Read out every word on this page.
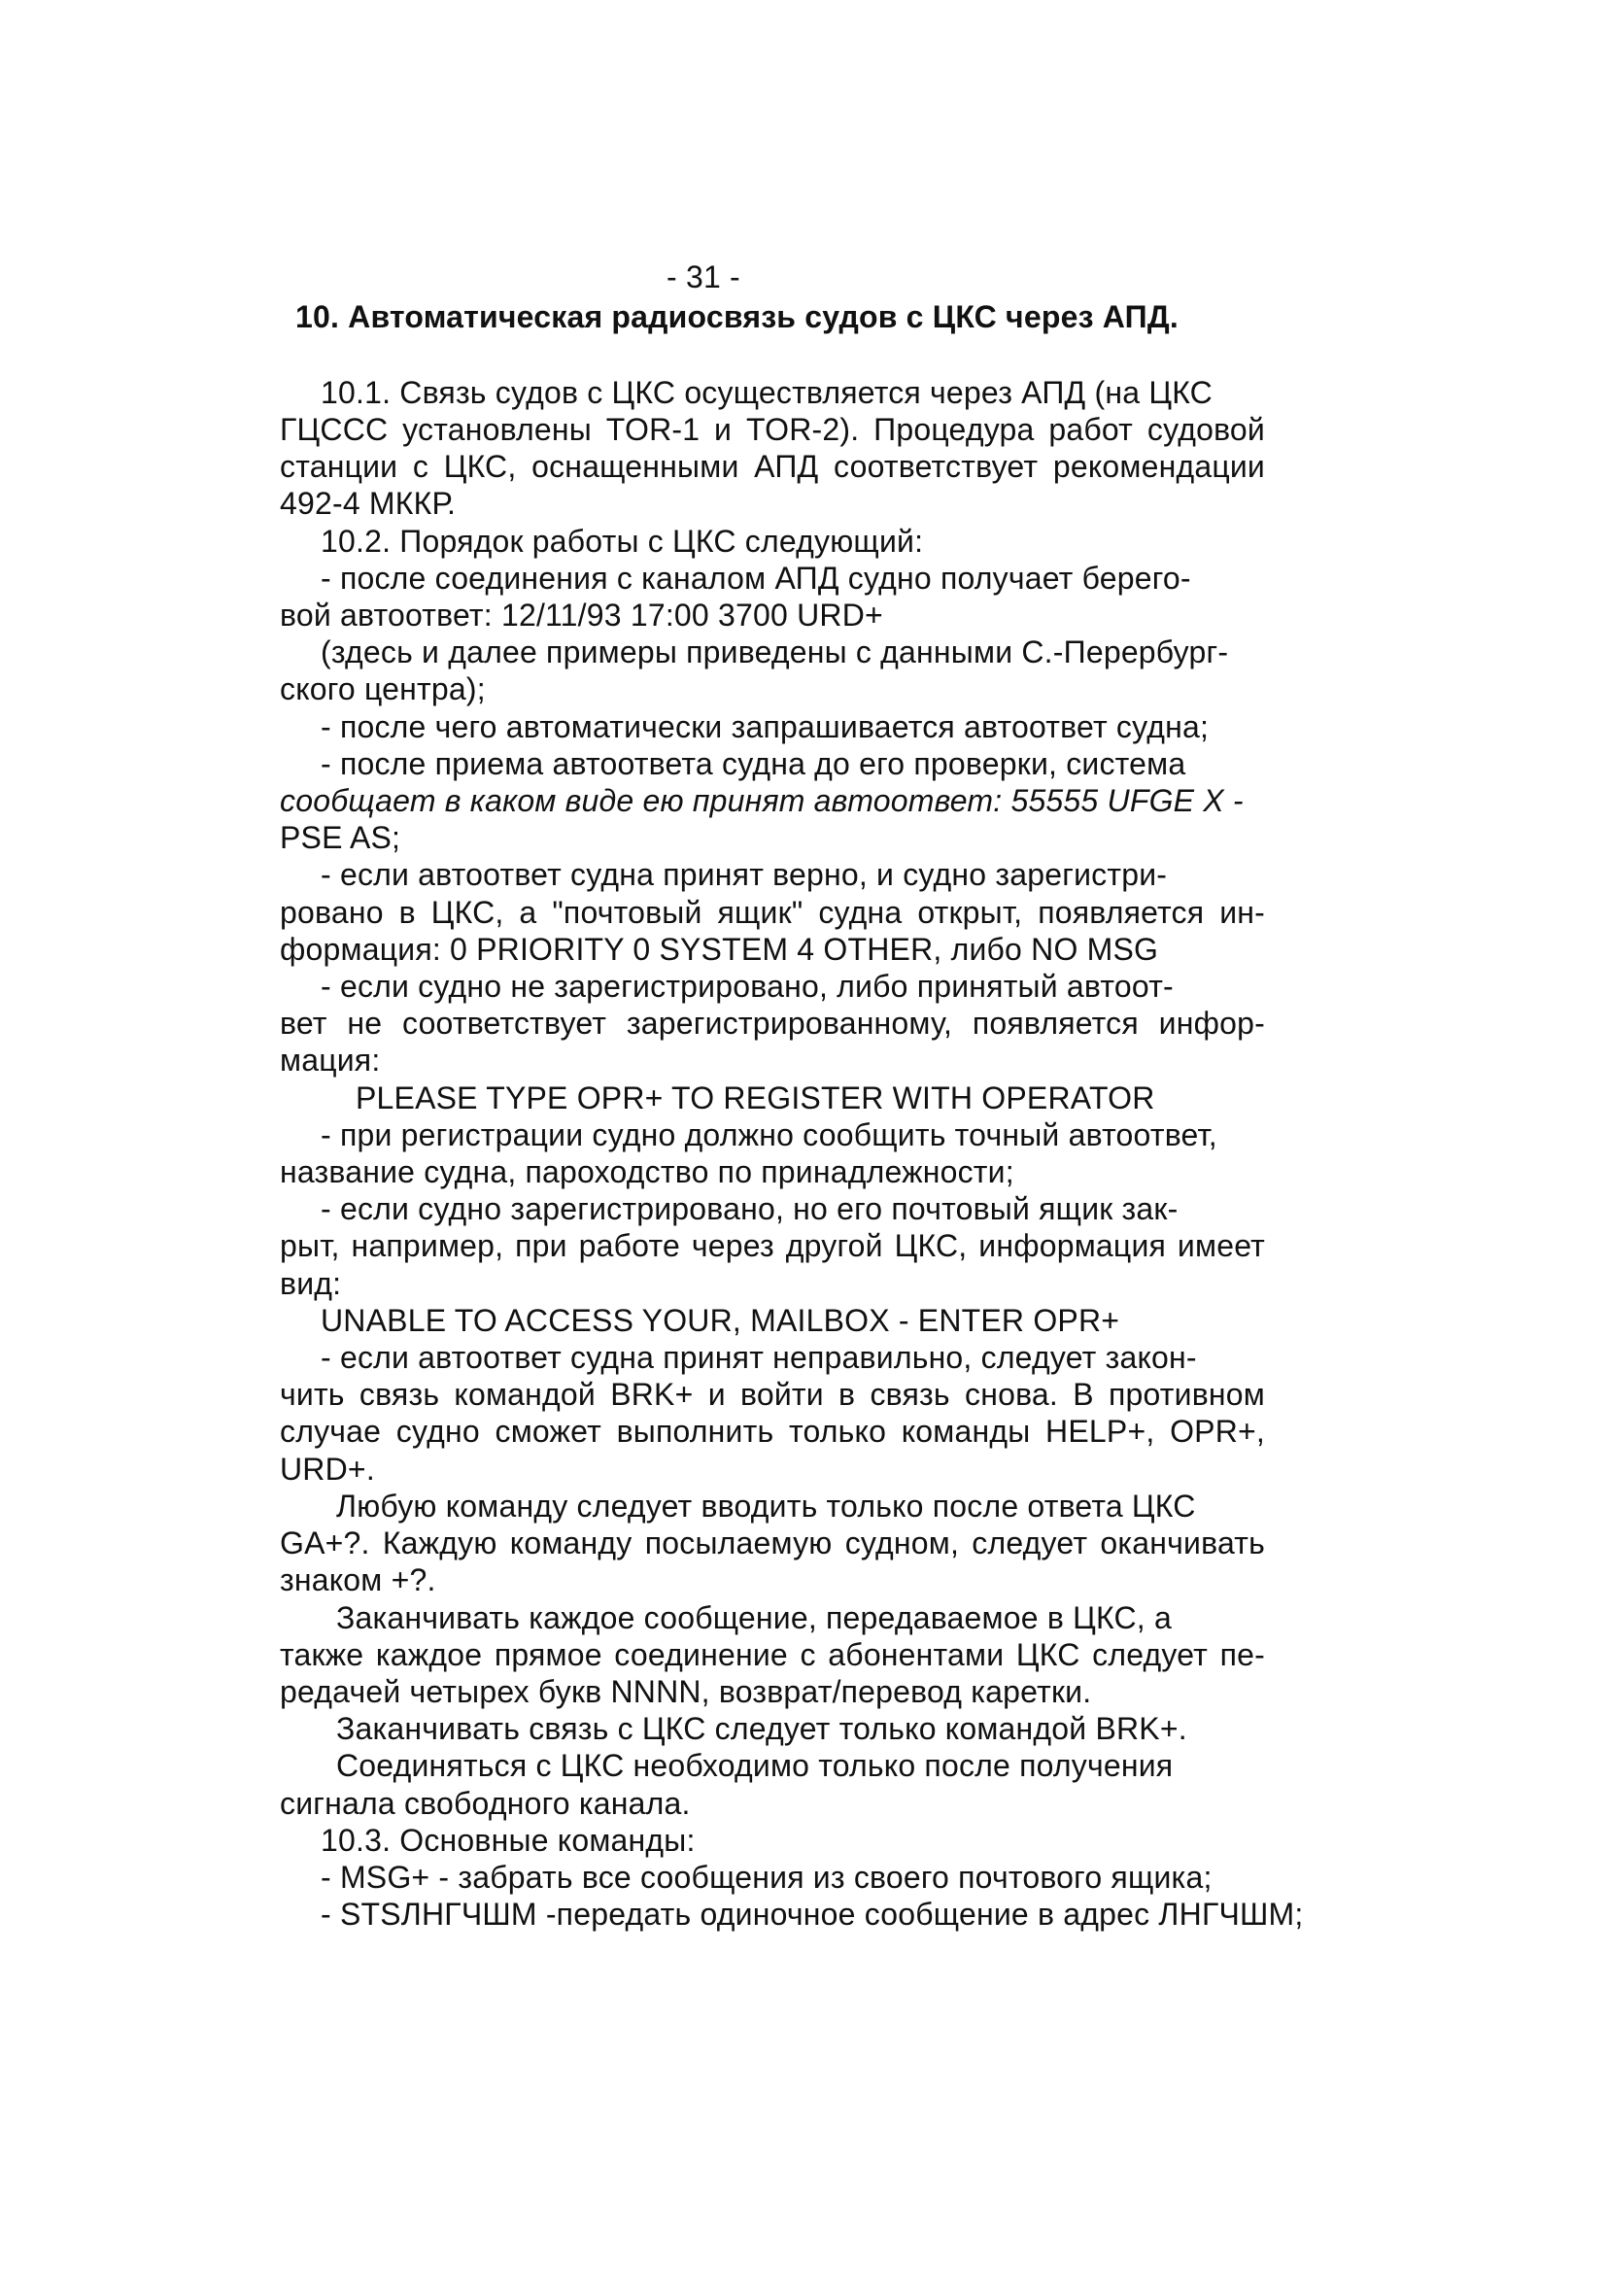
- 31 -
10. Автоматическая радиосвязь судов с ЦКС через АПД.
10.1. Связь судов с ЦКС осуществляется через АПД (на ЦКС
ГЦССС установлены TOR-1 и TOR-2). Процедура работ судовой
станции с ЦКС, оснащенными АПД соответствует рекомендации
492-4 МККР.
10.2. Порядок работы с ЦКС следующий:
- после соединения с каналом АПД судно получает берего-
вой автоответ: 12/11/93 17:00 3700 URD+
(здесь и далее примеры приведены с данными С.-Перербург-
ского центра);
- после чего автоматически запрашивается автоответ судна;
- после приема автоответа судна до его проверки, система
сообщает в каком виде ею принят автоответ: 55555 UFGE X -
PSE AS;
- если автоответ судна принят верно, и судно зарегистри-
ровано в ЦКС, а "почтовый ящик" судна открыт, появляется ин-
формация: 0 PRIORITY 0 SYSTEM 4 OTHER, либо NO MSG
- если судно не зарегистрировано, либо принятый автоот-
вет не соответствует зарегистрированному, появляется инфор-
мация:
PLEASE TYPE OPR+ TO REGISTER WITH OPERATOR
- при регистрации судно должно сообщить точный автоответ,
название судна, пароходство по принадлежности;
- если судно зарегистрировано, но его почтовый ящик зак-
рыт, например, при работе через другой ЦКС, информация имеет
вид:
UNABLE TO ACCESS YOUR, MAILBOX - ENTER OPR+
- если автоответ судна принят неправильно, следует закон-
чить связь командой BRK+ и войти в связь снова. В противном
случае судно сможет выполнить только команды HELP+, OPR+,
URD+.
Любую команду следует вводить только после ответа ЦКС
GA+?. Каждую команду посылаемую судном, следует оканчивать
знаком +?.
Заканчивать каждое сообщение, передаваемое в ЦКС, а
также каждое прямое соединение с абонентами ЦКС следует пе-
редачей четырех букв NNNN, возврат/перевод каретки.
Заканчивать связь с ЦКС следует только командой BRK+.
Соединяться с ЦКС необходимо только после получения
сигнала свободного канала.
10.3. Основные команды:
- MSG+ - забрать все сообщения из своего почтового ящика;
- STSЛНГЧШМ -передать одиночное сообщение в адрес ЛНГЧШМ;
